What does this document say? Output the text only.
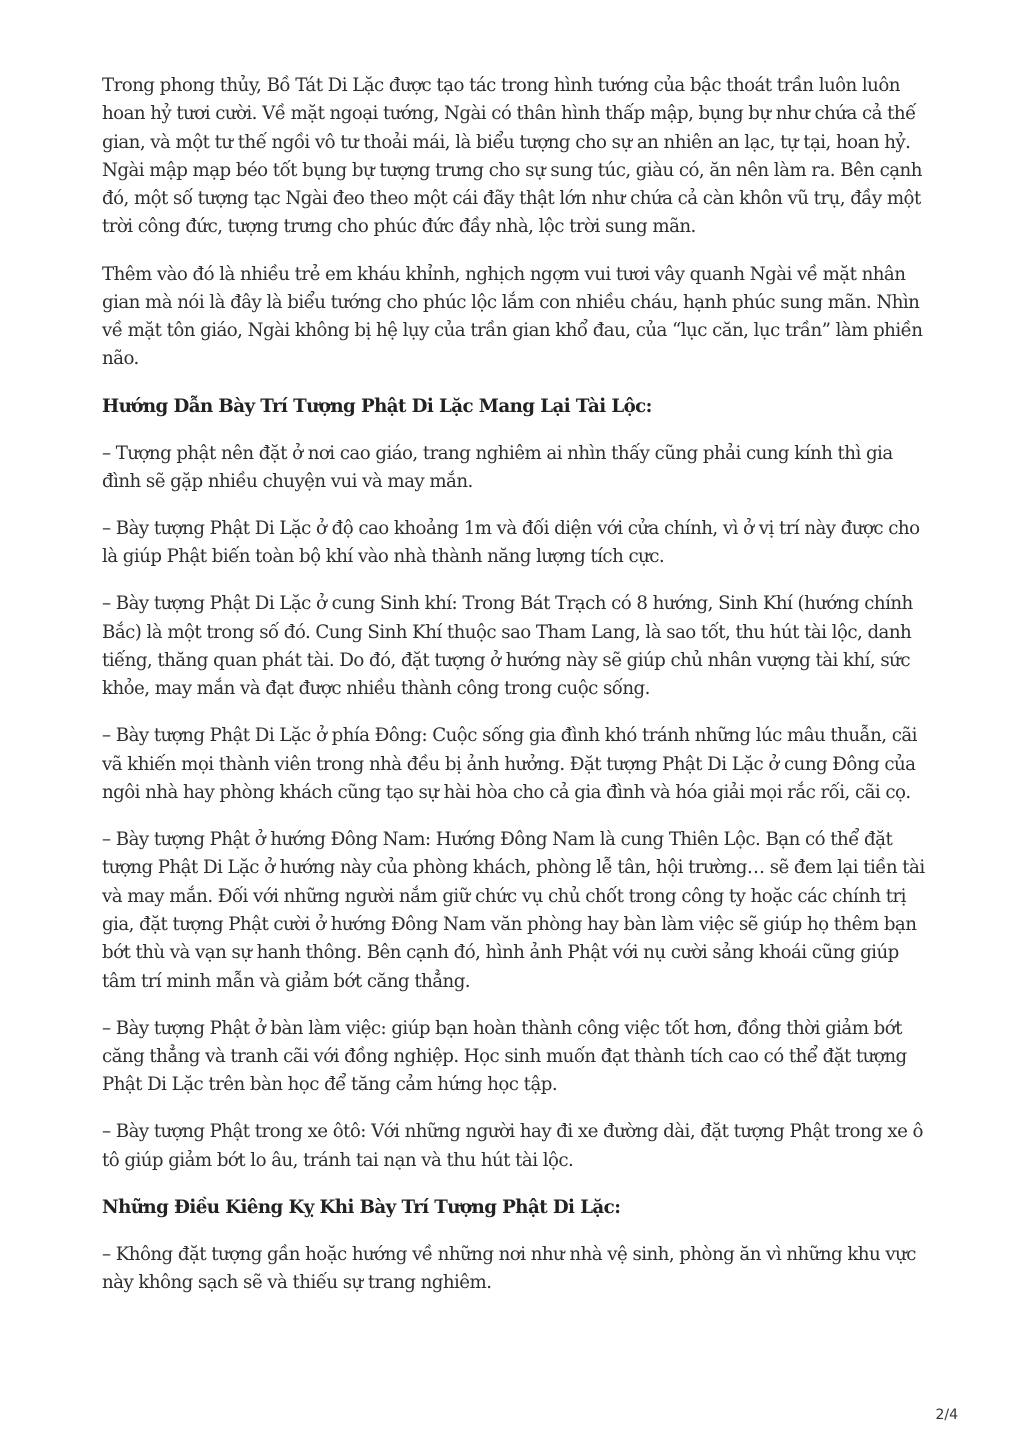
Trong phong thủy, Bồ Tát Di Lặc được tạo tác trong hình tướng của bậc thoát trần luôn luôn hoan hỷ tươi cười. Về mặt ngoại tướng, Ngài có thân hình thấp mập, bụng bự như chứa cả thế gian, và một tư thế ngồi vô tư thoải mái, là biểu tượng cho sự an nhiên an lạc, tự tại, hoan hỷ. Ngài mập mạp béo tốt bụng bự tượng trưng cho sự sung túc, giàu có, ăn nên làm ra. Bên cạnh đó, một số tượng tạc Ngài đeo theo một cái đãy thật lớn như chứa cả càn khôn vũ trụ, đầy một trời công đức, tượng trưng cho phúc đức đầy nhà, lộc trời sung mãn.

Thêm vào đó là nhiều trẻ em kháu khỉnh, nghịch ngợm vui tươi vây quanh Ngài về mặt nhân gian mà nói là đây là biểu tướng cho phúc lộc lắm con nhiều cháu, hạnh phúc sung mãn. Nhìn về mặt tôn giáo, Ngài không bị hệ lụy của trần gian khổ đau, của “lục căn, lục trần” làm phiền não.

Hướng Dẫn Bày Trí Tượng Phật Di Lặc Mang Lại Tài Lộc:

– Tượng phật nên đặt ở nơi cao giáo, trang nghiêm ai nhìn thấy cũng phải cung kính thì gia đình sẽ gặp nhiều chuyện vui và may mắn.

– Bày tượng Phật Di Lặc ở độ cao khoảng 1m và đối diện với cửa chính, vì ở vị trí này được cho là giúp Phật biến toàn bộ khí vào nhà thành năng lượng tích cực.

– Bày tượng Phật Di Lặc ở cung Sinh khí: Trong Bát Trạch có 8 hướng, Sinh Khí (hướng chính Bắc) là một trong số đó. Cung Sinh Khí thuộc sao Tham Lang, là sao tốt, thu hút tài lộc, danh tiếng, thăng quan phát tài. Do đó, đặt tượng ở hướng này sẽ giúp chủ nhân vượng tài khí, sức khỏe, may mắn và đạt được nhiều thành công trong cuộc sống.

– Bày tượng Phật Di Lặc ở phía Đông: Cuộc sống gia đình khó tránh những lúc mâu thuẫn, cãi vã khiến mọi thành viên trong nhà đều bị ảnh hưởng. Đặt tượng Phật Di Lặc ở cung Đông của ngôi nhà hay phòng khách cũng tạo sự hài hòa cho cả gia đình và hóa giải mọi rắc rối, cãi cọ.

– Bày tượng Phật ở hướng Đông Nam: Hướng Đông Nam là cung Thiên Lộc. Bạn có thể đặt tượng Phật Di Lặc ở hướng này của phòng khách, phòng lễ tân, hội trường… sẽ đem lại tiền tài và may mắn. Đối với những người nắm giữ chức vụ chủ chốt trong công ty hoặc các chính trị gia, đặt tượng Phật cười ở hướng Đông Nam văn phòng hay bàn làm việc sẽ giúp họ thêm bạn bớt thù và vạn sự hanh thông. Bên cạnh đó, hình ảnh Phật với nụ cười sảng khoái cũng giúp tâm trí minh mẫn và giảm bớt căng thẳng.

– Bày tượng Phật ở bàn làm việc: giúp bạn hoàn thành công việc tốt hơn, đồng thời giảm bớt căng thẳng và tranh cãi với đồng nghiệp. Học sinh muốn đạt thành tích cao có thể đặt tượng Phật Di Lặc trên bàn học để tăng cảm hứng học tập.

– Bày tượng Phật trong xe ôtô: Với những người hay đi xe đường dài, đặt tượng Phật trong xe ô tô giúp giảm bớt lo âu, tránh tai nạn và thu hút tài lộc.

Những Điều Kiêng Kỵ Khi Bày Trí Tượng Phật Di Lặc:

– Không đặt tượng gần hoặc hướng về những nơi như nhà vệ sinh, phòng ăn vì những khu vực này không sạch sẽ và thiếu sự trang nghiêm.

2/4
